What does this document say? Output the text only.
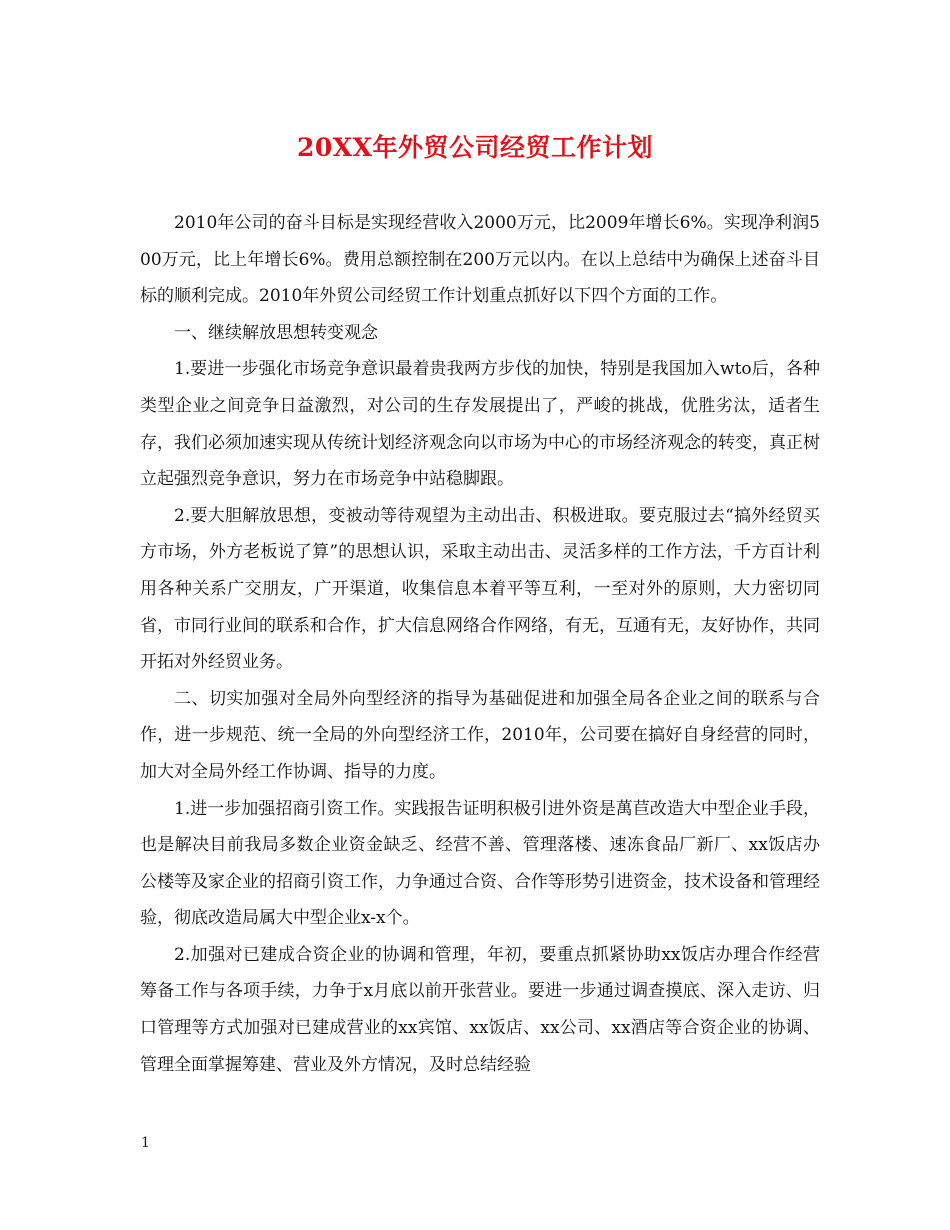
20XX年外贸公司经贸工作计划

2010年公司的奋斗目标是实现经营收入2000万元，比2009年增长6%。实现净利润500万元，比上年增长6%。费用总额控制在200万元以内。在以上总结中为确保上述奋斗目标的顺利完成。2010年外贸公司经贸工作计划重点抓好以下四个方面的工作。

一、继续解放思想转变观念

1.要进一步强化市场竞争意识最着贵我两方步伐的加快，特别是我国加入wto后，各种类型企业之间竞争日益激烈，对公司的生存发展提出了，严峻的挑战，优胜劣汰，适者生存，我们必须加速实现从传统计划经济观念向以市场为中心的市场经济观念的转变，真正树立起强烈竞争意识，努力在市场竞争中站稳脚跟。

2.要大胆解放思想，变被动等待观望为主动出击、积极进取。要克服过去“搞外经贸买方市场，外方老板说了算”的思想认识，采取主动出击、灵活多样的工作方法，千方百计利用各种关系广交朋友，广开渠道，收集信息本着平等互利，一至对外的原则，大力密切同省，市同行业间的联系和合作，扩大信息网络合作网络，有无，互通有无，友好协作，共同开拓对外经贸业务。

二、切实加强对全局外向型经济的指导为基础促进和加强全局各企业之间的联系与合作，进一步规范、统一全局的外向型经济工作，2010年，公司要在搞好自身经营的同时，加大对全局外经工作协调、指导的力度。

1.进一步加强招商引资工作。实践报告证明积极引进外资是萬苣改造大中型企业手段，也是解决目前我局多数企业资金缺乏、经营不善、管理落楼、速冻食品厂新厂、xx饭店办公楼等及家企业的招商引资工作，力争通过合资、合作等形势引进资金，技术设备和管理经验，彻底改造局属大中型企业x-x个。

2.加强对已建成合资企业的协调和管理，年初，要重点抓紧协助xx饭店办理合作经营筹备工作与各项手续，力争于x月底以前开张营业。要进一步通过调查摸底、深入走访、归口管理等方式加强对已建成营业的xx宾馆、xx饭店、xx公司、xx酒店等合资企业的协调、管理全面掌握筹建、营业及外方情况，及时总结经验

1
